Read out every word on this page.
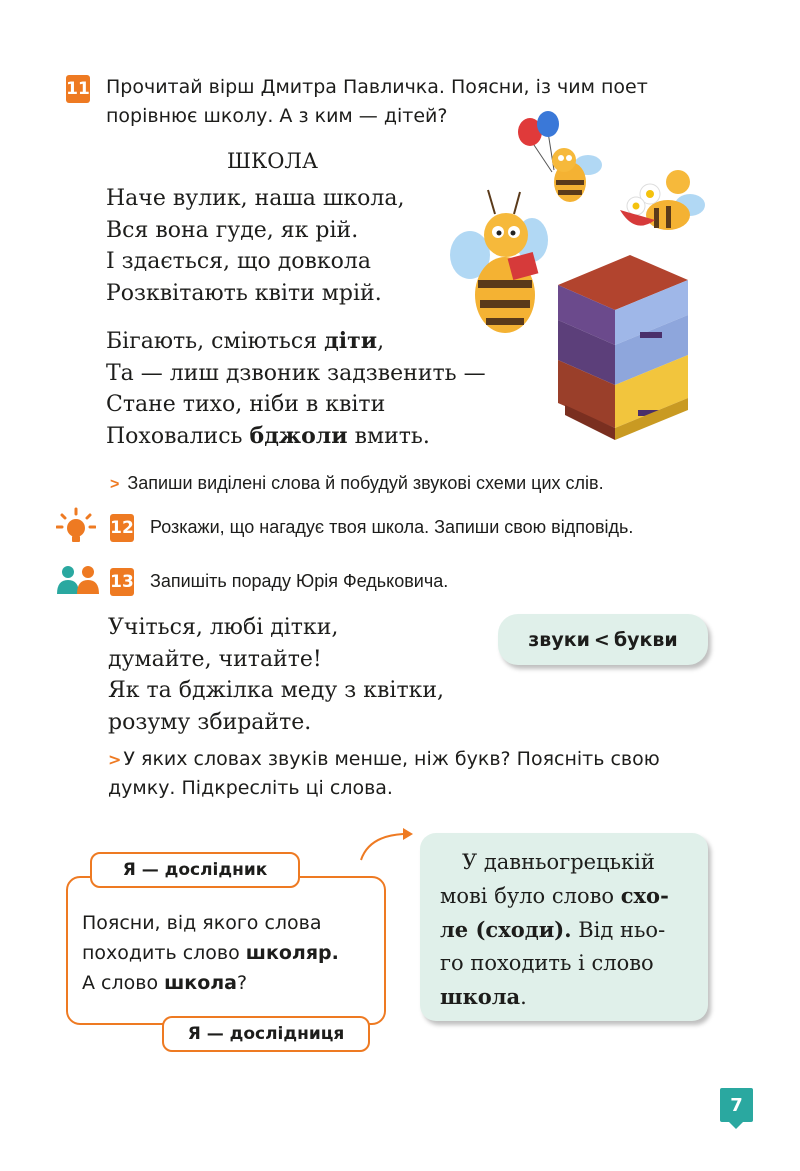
11 Прочитай вірш Дмитра Павличка. Поясни, із чим поет
порівнює школу. А з ким — дітей?
ШКОЛА
Наче вулик, наша школа,
Вся вона гуде, як рій.
І здається, що довкола
Розквітають квіти мрій.
Бігають, сміються діти,
Та — лиш дзвоник задзвенить —
Стане тихо, ніби в квіти
Поховались бджоли вмить.
> Запиши виділені слова й побудуй звукові схеми цих слів.
12 Розкажи, що нагадує твоя школа. Запиши свою відповідь.
13 Запишіть пораду Юрія Федьковича.
Учіться, любі дітки,
думайте, читайте!
Як та бджілка меду з квітки,
розуму збирайте.
звуки < букви
> У яких словах звуків менше, ніж букв? Поясніть свою
думку. Підкресліть ці слова.
Я — дослідник
Поясни, від якого слова
походить слово школяр.
А слово школа?
Я — дослідниця
У давньогрецькій
мові було слово схо-
ле (сходи). Від ньо-
го походить і слово
школа.
7
